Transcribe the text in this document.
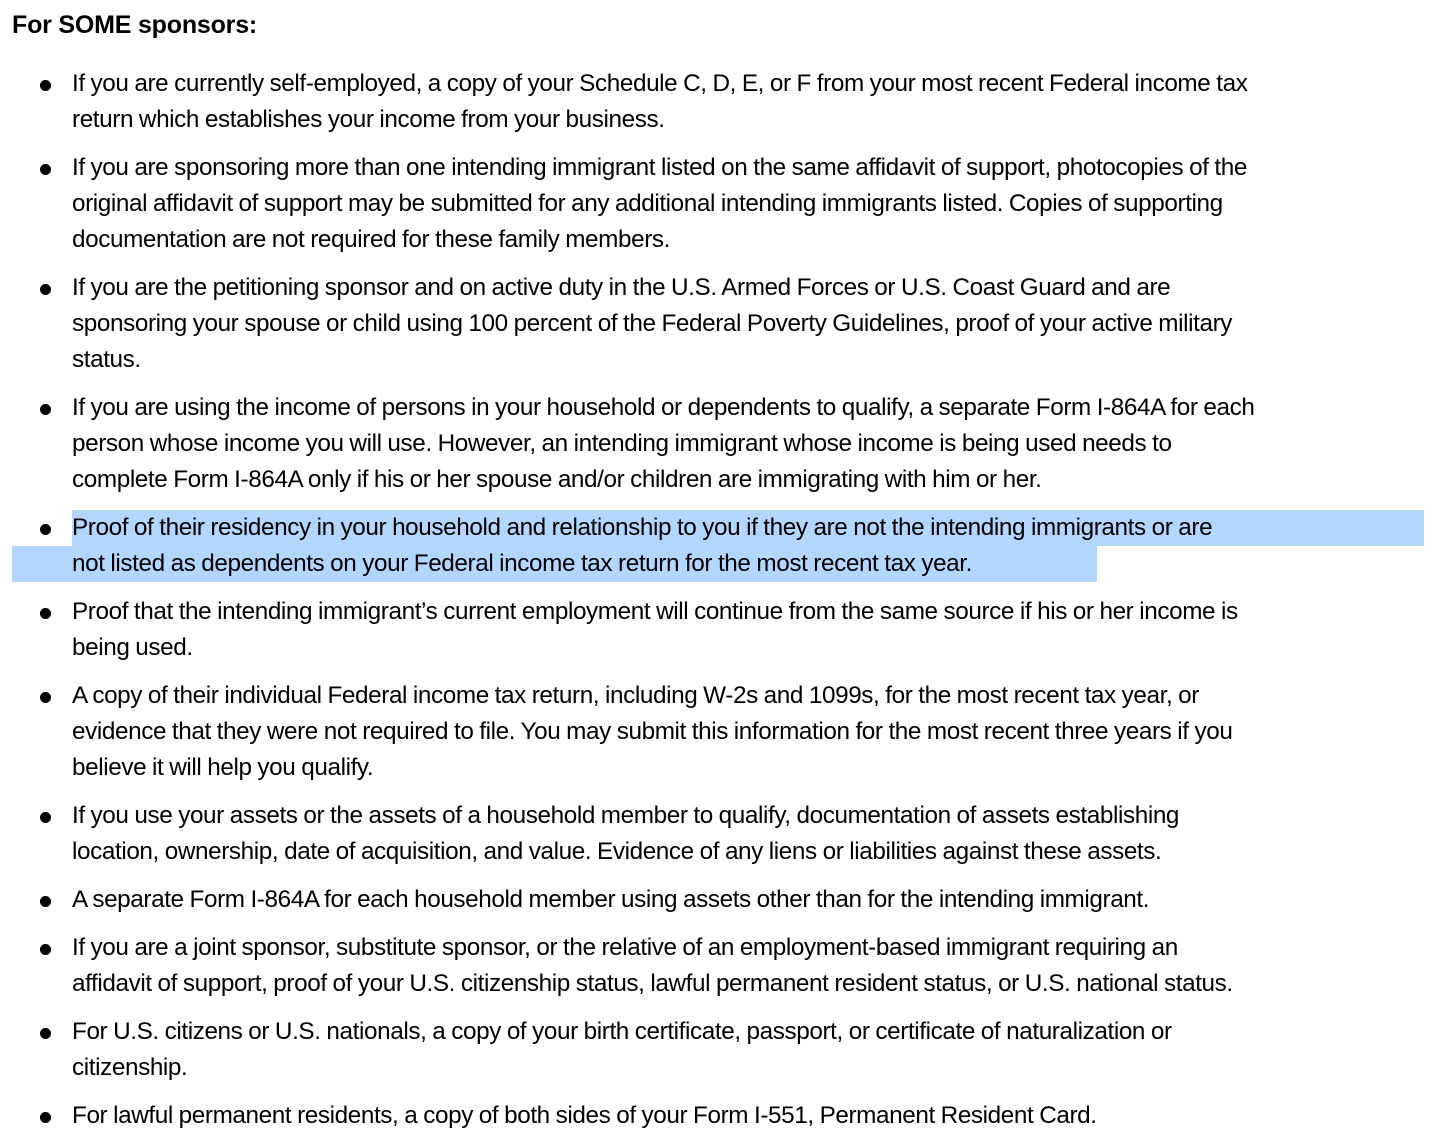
For SOME sponsors:
If you are currently self-employed, a copy of your Schedule C, D, E, or F from your most recent Federal income tax
return which establishes your income from your business.
If you are sponsoring more than one intending immigrant listed on the same affidavit of support, photocopies of the
original affidavit of support may be submitted for any additional intending immigrants listed. Copies of supporting
documentation are not required for these family members.
If you are the petitioning sponsor and on active duty in the U.S. Armed Forces or U.S. Coast Guard and are
sponsoring your spouse or child using 100 percent of the Federal Poverty Guidelines, proof of your active military
status.
If you are using the income of persons in your household or dependents to qualify, a separate Form I-864A for each
person whose income you will use. However, an intending immigrant whose income is being used needs to
complete Form I-864A only if his or her spouse and/or children are immigrating with him or her.
Proof of their residency in your household and relationship to you if they are not the intending immigrants or are
not listed as dependents on your Federal income tax return for the most recent tax year.
Proof that the intending immigrant’s current employment will continue from the same source if his or her income is
being used.
A copy of their individual Federal income tax return, including W-2s and 1099s, for the most recent tax year, or
evidence that they were not required to file. You may submit this information for the most recent three years if you
believe it will help you qualify.
If you use your assets or the assets of a household member to qualify, documentation of assets establishing
location, ownership, date of acquisition, and value. Evidence of any liens or liabilities against these assets.
A separate Form I-864A for each household member using assets other than for the intending immigrant.
If you are a joint sponsor, substitute sponsor, or the relative of an employment-based immigrant requiring an
affidavit of support, proof of your U.S. citizenship status, lawful permanent resident status, or U.S. national status.
For U.S. citizens or U.S. nationals, a copy of your birth certificate, passport, or certificate of naturalization or
citizenship.
For lawful permanent residents, a copy of both sides of your Form I-551, Permanent Resident Card.
